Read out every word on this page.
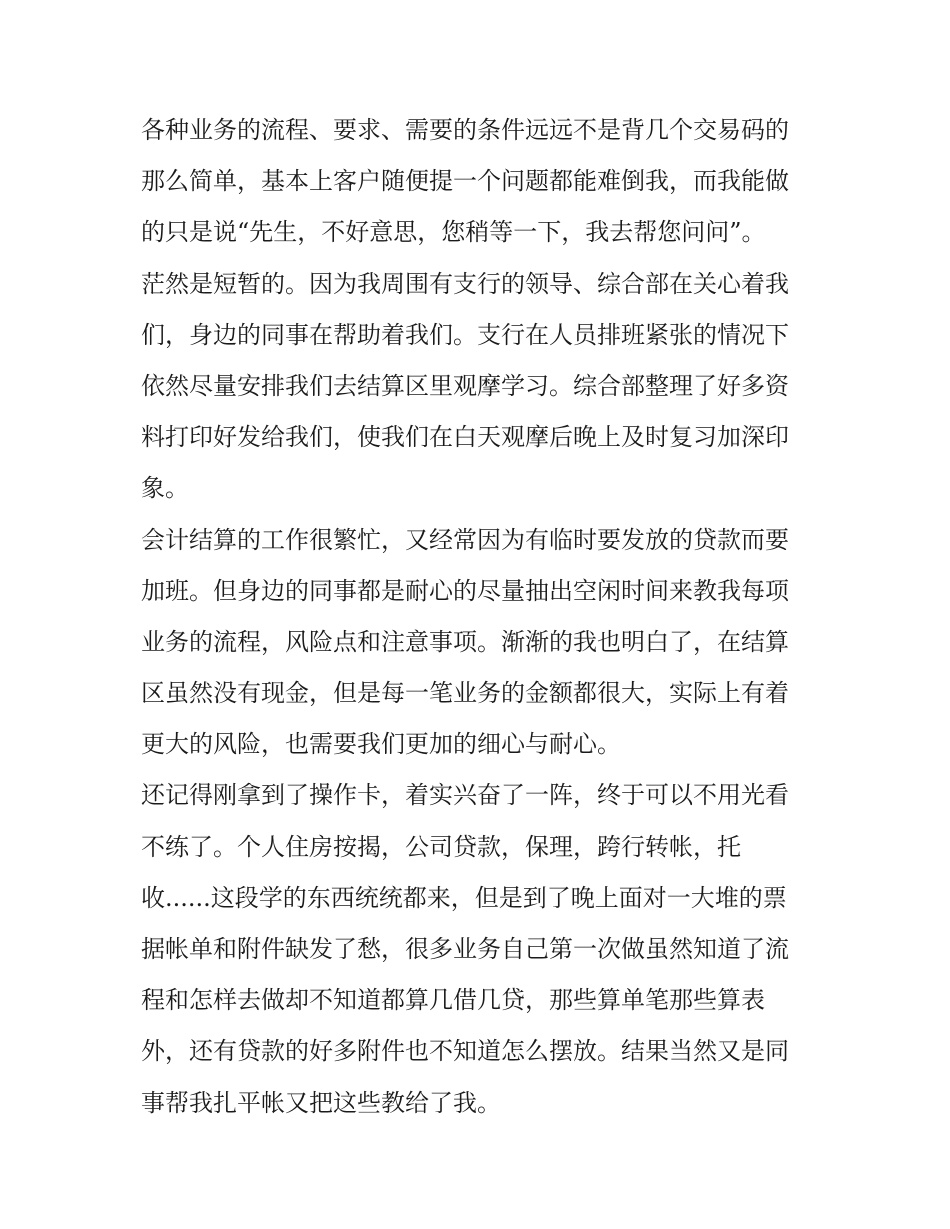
各种业务的流程、要求、需要的条件远远不是背几个交易码的
那么简单，基本上客户随便提一个问题都能难倒我，而我能做
的只是说“先生，不好意思，您稍等一下，我去帮您问问”。
茫然是短暂的。因为我周围有支行的领导、综合部在关心着我
们，身边的同事在帮助着我们。支行在人员排班紧张的情况下
依然尽量安排我们去结算区里观摩学习。综合部整理了好多资
料打印好发给我们，使我们在白天观摩后晚上及时复习加深印
象。
会计结算的工作很繁忙，又经常因为有临时要发放的贷款而要
加班。但身边的同事都是耐心的尽量抽出空闲时间来教我每项
业务的流程，风险点和注意事项。渐渐的我也明白了，在结算
区虽然没有现金，但是每一笔业务的金额都很大，实际上有着
更大的风险，也需要我们更加的细心与耐心。
还记得刚拿到了操作卡，着实兴奋了一阵，终于可以不用光看
不练了。个人住房按揭，公司贷款，保理，跨行转帐，托
收......这段学的东西统统都来，但是到了晚上面对一大堆的票
据帐单和附件缺发了愁，很多业务自己第一次做虽然知道了流
程和怎样去做却不知道都算几借几贷，那些算单笔那些算表
外，还有贷款的好多附件也不知道怎么摆放。结果当然又是同
事帮我扎平帐又把这些教给了我。
